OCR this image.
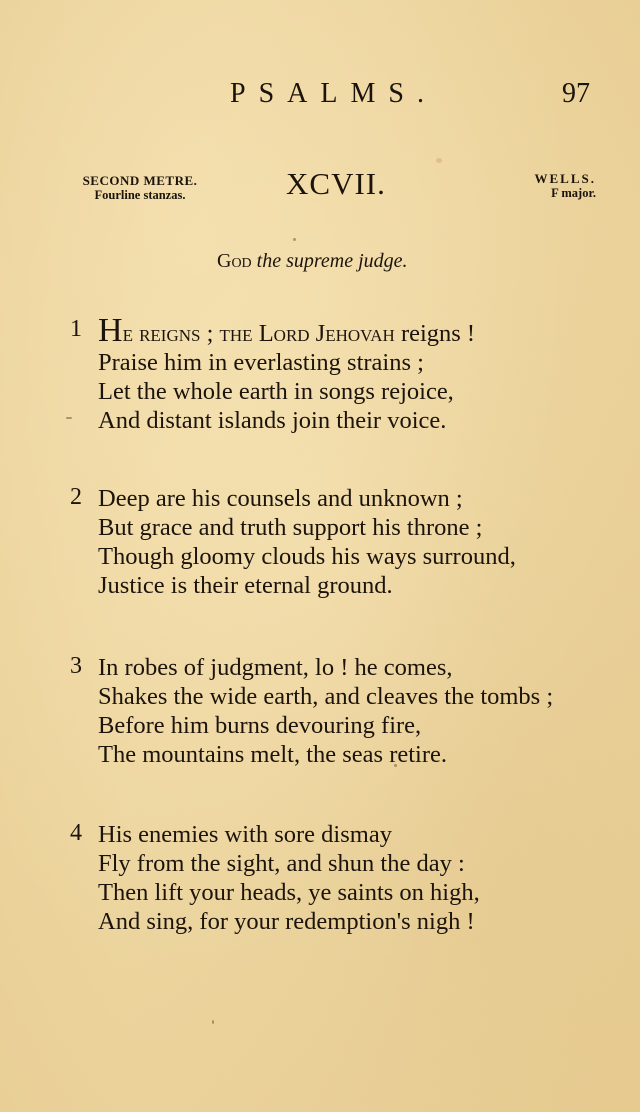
PSALMS.	97
SECOND METRE.
Fourline stanzas.	XCVII.	WELLS.
F major.
God the supreme judge.
1 He reigns ; the Lord Jehovah reigns !
Praise him in everlasting strains ;
Let the whole earth in songs rejoice,
And distant islands join their voice.
2 Deep are his counsels and unknown ;
But grace and truth support his throne ;
Though gloomy clouds his ways surround,
Justice is their eternal ground.
3 In robes of judgment, lo ! he comes,
Shakes the wide earth, and cleaves the tombs ;
Before him burns devouring fire,
The mountains melt, the seas retire.
4 His enemies with sore dismay
Fly from the sight, and shun the day :
Then lift your heads, ye saints on high,
And sing, for your redemption's nigh !
